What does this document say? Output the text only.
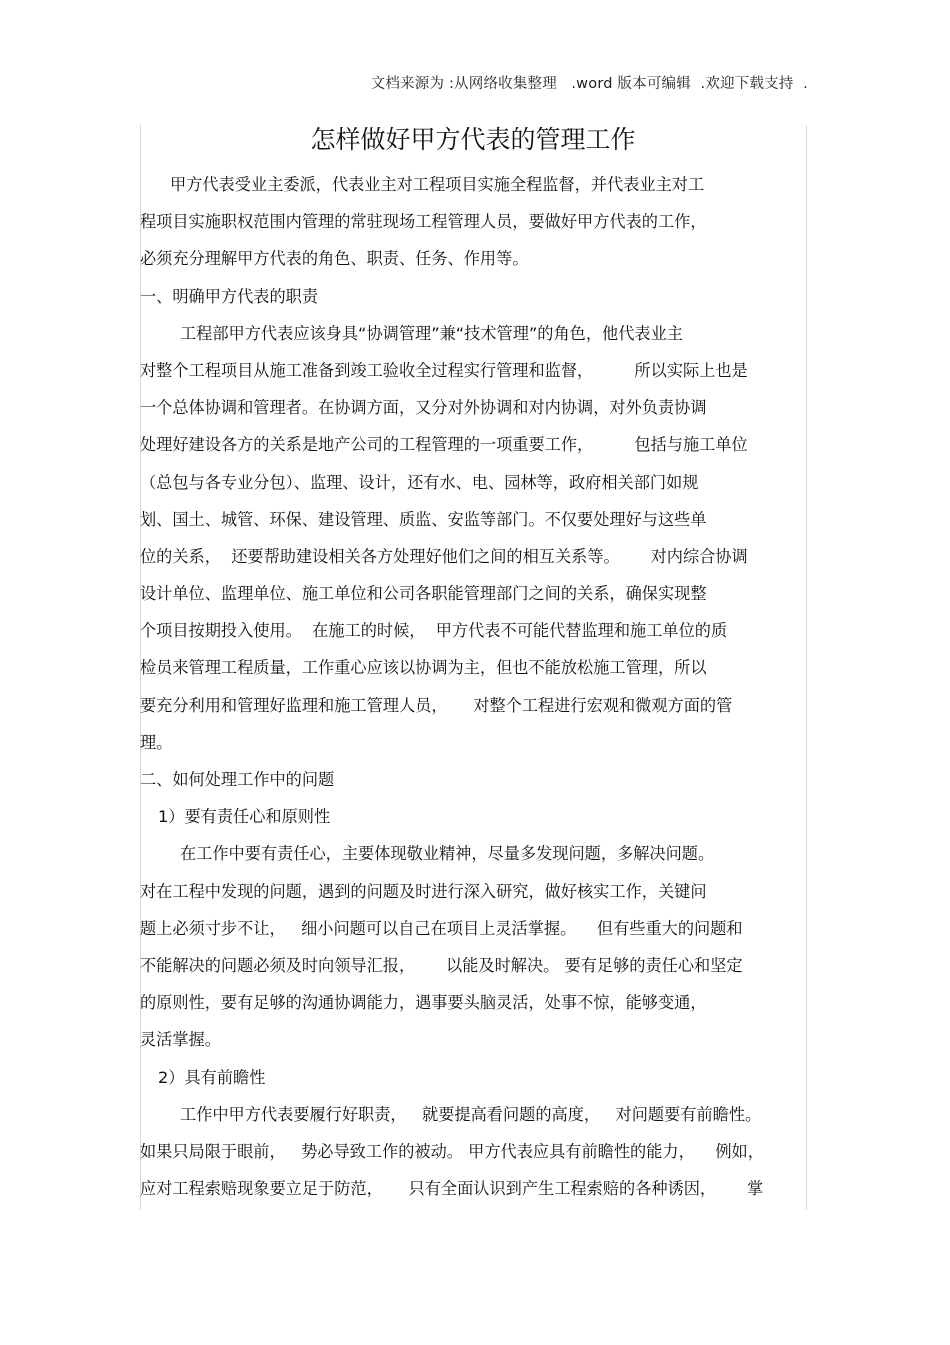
文档来源为 :从网络收集整理   .word 版本可编辑  .欢迎下载支持  .
怎样做好甲方代表的管理工作
甲方代表受业主委派，代表业主对工程项目实施全程监督，并代表业主对工
程项目实施职权范围内管理的常驻现场工程管理人员，要做好甲方代表的工作，
必须充分理解甲方代表的角色、职责、任务、作用等。
一、明确甲方代表的职责
工程部甲方代表应该身具“协调管理”兼“技术管理”的角色，他代表业主
对整个工程项目从施工准备到竣工验收全过程实行管理和监督，        所以实际上也是
一个总体协调和管理者。在协调方面，又分对外协调和对内协调，对外负责协调
处理好建设各方的关系是地产公司的工程管理的一项重要工作，        包括与施工单位
（总包与各专业分包）、监理、设计，还有水、电、园林等，政府相关部门如规
划、国土、城管、环保、建设管理、质监、安监等部门。不仅要处理好与这些单
位的关系，  还要帮助建设相关各方处理好他们之间的相互关系等。      对内综合协调
设计单位、监理单位、施工单位和公司各职能管理部门之间的关系，确保实现整
个项目按期投入使用。  在施工的时候，  甲方代表不可能代替监理和施工单位的质
检员来管理工程质量，工作重心应该以协调为主，但也不能放松施工管理，所以
要充分利用和管理好监理和施工管理人员，     对整个工程进行宏观和微观方面的管
理。
二、如何处理工作中的问题
1）要有责任心和原则性
在工作中要有责任心，主要体现敬业精神，尽量多发现问题，多解决问题。
对在工程中发现的问题，遇到的问题及时进行深入研究，做好核实工作，关键问
题上必须寸步不让，   细小问题可以自己在项目上灵活掌握。    但有些重大的问题和
不能解决的问题必须及时向领导汇报，      以能及时解决。 要有足够的责任心和坚定
的原则性，要有足够的沟通协调能力，遇事要头脑灵活，处事不惊，能够变通，
灵活掌握。
2）具有前瞻性
工作中甲方代表要履行好职责，   就要提高看问题的高度，   对问题要有前瞻性。
如果只局限于眼前，   势必导致工作的被动。 甲方代表应具有前瞻性的能力，    例如，
应对工程索赔现象要立足于防范，     只有全面认识到产生工程索赔的各种诱因，      掌
